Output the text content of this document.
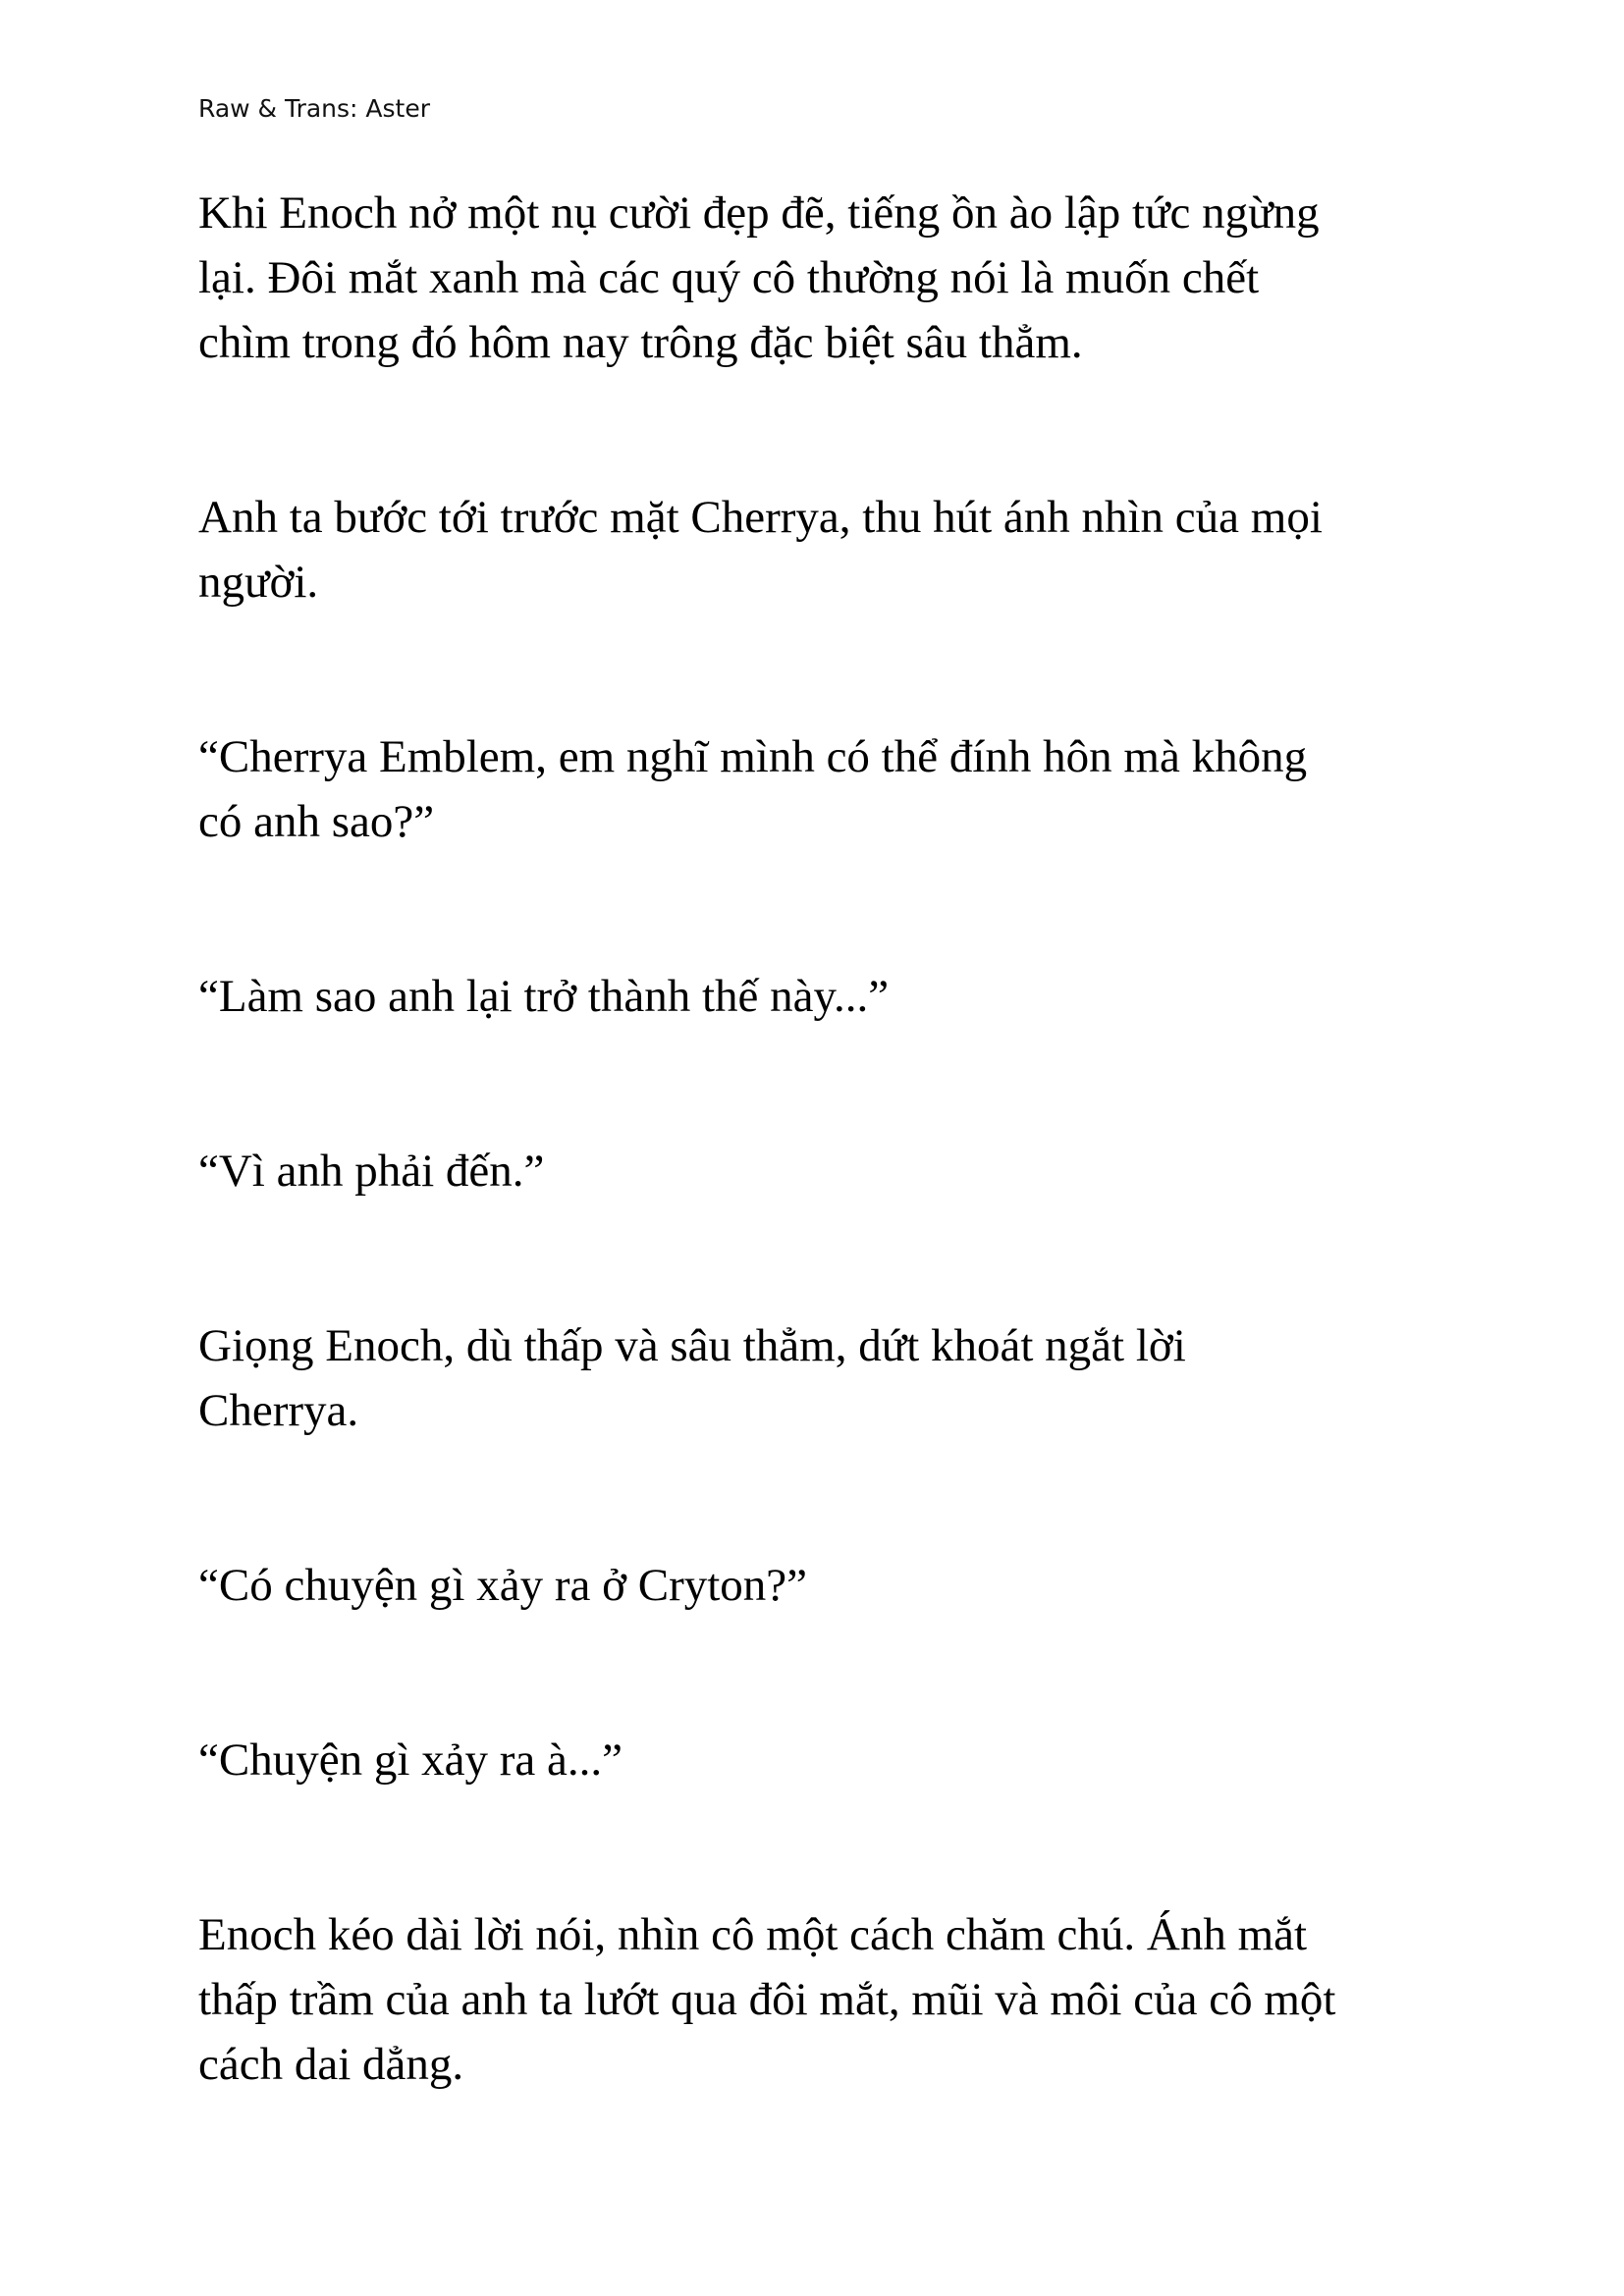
Raw & Trans: Aster

Khi Enoch nở một nụ cười đẹp đẽ, tiếng ồn ào lập tức ngừng
lại. Đôi mắt xanh mà các quý cô thường nói là muốn chết
chìm trong đó hôm nay trông đặc biệt sâu thẳm.

Anh ta bước tới trước mặt Cherrya, thu hút ánh nhìn của mọi
người.

“Cherrya Emblem, em nghĩ mình có thể đính hôn mà không
có anh sao?”

“Làm sao anh lại trở thành thế này...”

“Vì anh phải đến.”

Giọng Enoch, dù thấp và sâu thẳm, dứt khoát ngắt lời
Cherrya.

“Có chuyện gì xảy ra ở Cryton?”

“Chuyện gì xảy ra à...”

Enoch kéo dài lời nói, nhìn cô một cách chăm chú. Ánh mắt
thấp trầm của anh ta lướt qua đôi mắt, mũi và môi của cô một
cách dai dẳng.
